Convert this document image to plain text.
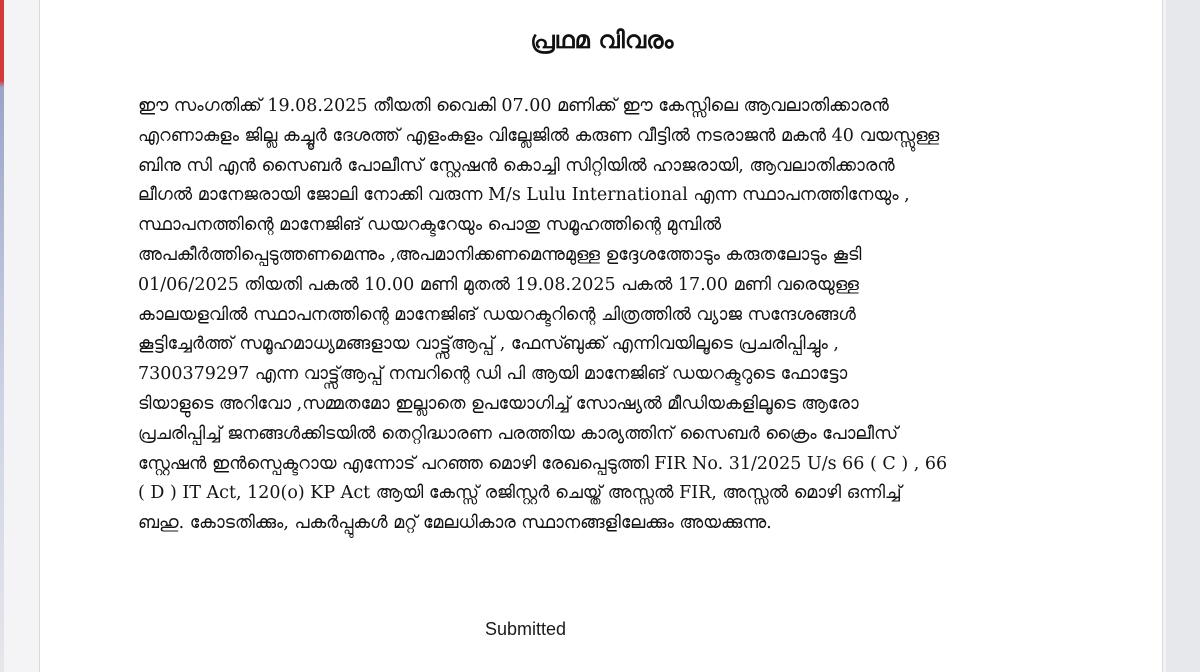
പ്രഥമ വിവരം

ഈ സംഗതിക്ക് 19.08.2025 തീയതി വൈകി 07.00 മണിക്ക് ഈ കേസ്സിലെ ആവലാതിക്കാരൻ
എറണാകുളം ജില്ല കച്ചൂർ ദേശത്ത് എളംകുളം വില്ലേജിൽ കരുണ വീട്ടിൽ നടരാജൻ മകൻ 40 വയസ്സുള്ള
ബിനു സി എൻ സൈബർ പോലീസ് സ്റ്റേഷൻ കൊച്ചി സിറ്റിയിൽ ഹാജരായി, ആവലാതിക്കാരൻ
ലീഗൽ മാനേജരായി ജോലി നോക്കി വരുന്ന M/s Lulu International എന്ന സ്ഥാപനത്തിനേയും ,
സ്ഥാപനത്തിന്റെ മാനേജിങ് ഡയറക്ടറേയും പൊതു സമൂഹത്തിന്റെ മുമ്പിൽ
അപകീർത്തിപ്പെടുത്തണമെന്നും ,അപമാനിക്കണമെന്നുമുള്ള ഉദ്ദേശത്തോടും കരുതലോടും കൂടി
01/06/2025 തിയതി പകൽ 10.00 മണി മുതൽ 19.08.2025 പകൽ 17.00 മണി വരെയുള്ള
കാലയളവിൽ സ്ഥാപനത്തിന്റെ മാനേജിങ് ഡയറക്ടറിന്റെ ചിത്രത്തിൽ വ്യാജ സന്ദേശങ്ങൾ
കൂട്ടിച്ചേർത്ത് സമൂഹമാധ്യമങ്ങളായ വാട്ട്സ്ആപ്പ് , ഫേസ്ബുക്ക് എന്നിവയിലൂടെ പ്രചരിപ്പിച്ചും ,
7300379297 എന്ന വാട്ട്സ്ആപ്പ് നമ്പറിന്റെ ഡി പി ആയി മാനേജിങ് ഡയറക്ടറുടെ ഫോട്ടോ
ടിയാളുടെ അറിവോ ,സമ്മതമോ ഇല്ലാതെ ഉപയോഗിച്ച് സോഷ്യൽ മീഡിയകളിലൂടെ ആരോ
പ്രചരിപ്പിച്ച് ജനങ്ങൾക്കിടയിൽ തെറ്റിദ്ധാരണ പരത്തിയ കാര്യത്തിന് സൈബർ ക്രൈം പോലീസ്
സ്റ്റേഷൻ ഇൻസ്പെക്ടറായ എന്നോട് പറഞ്ഞ മൊഴി രേഖപ്പെടുത്തി FIR No. 31/2025 U/s 66 ( C ) , 66
( D ) IT Act, 120(o) KP Act ആയി കേസ്സ് രജിസ്റ്റർ ചെയ്ത് അസ്സൽ FIR, അസ്സൽ മൊഴി ഒന്നിച്ച്
ബഹു. കോടതിക്കും, പകർപ്പുകൾ മറ്റ് മേലധികാര സ്ഥാനങ്ങളിലേക്കും അയക്കുന്നു.

Submitted
